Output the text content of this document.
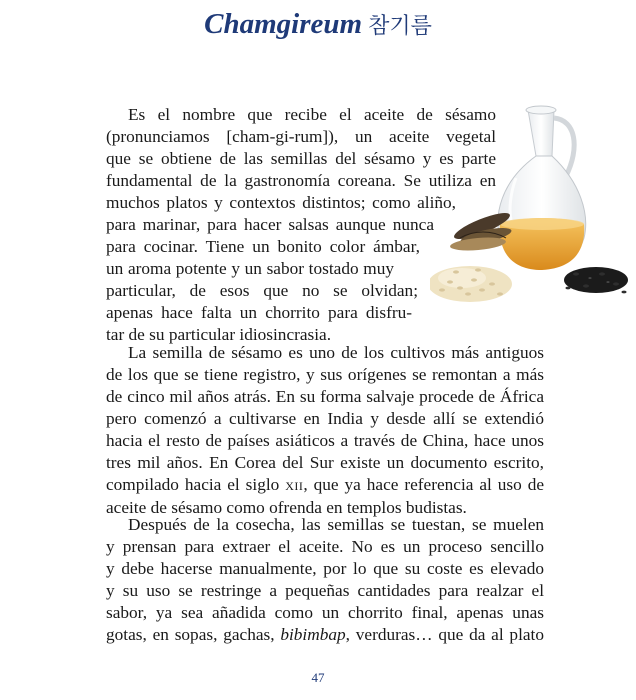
Chamgireum 참기름
Es el nombre que recibe el aceite de sésamo
(pronunciamos [cham-gi-rum]), un aceite vegetal
que se obtiene de las semillas del sésamo y es parte
fundamental de la gastronomía coreana. Se utiliza en
muchos platos y contextos distintos; como aliño,
para marinar, para hacer salsas aunque nunca
para cocinar. Tiene un bonito color ámbar,
un aroma potente y un sabor tostado muy
particular, de esos que no se olvidan;
apenas hace falta un chorrito para disfru-
tar de su particular idiosincrasia.
La semilla de sésamo es uno de los cultivos más antiguos
de los que se tiene registro, y sus orígenes se remontan a más
de cinco mil años atrás. En su forma salvaje procede de África
pero comenzó a cultivarse en India y desde allí se extendió
hacia el resto de países asiáticos a través de China, hace unos
tres mil años. En Corea del Sur existe un documento escrito,
compilado hacia el siglo XII, que ya hace referencia al uso de
aceite de sésamo como ofrenda en templos budistas.
Después de la cosecha, las semillas se tuestan, se muelen
y prensan para extraer el aceite. No es un proceso sencillo
y debe hacerse manualmente, por lo que su coste es elevado
y su uso se restringe a pequeñas cantidades para realzar el
sabor, ya sea añadida como un chorrito final, apenas unas
gotas, en sopas, gachas, bibimbap, verduras… que da al plato
47
